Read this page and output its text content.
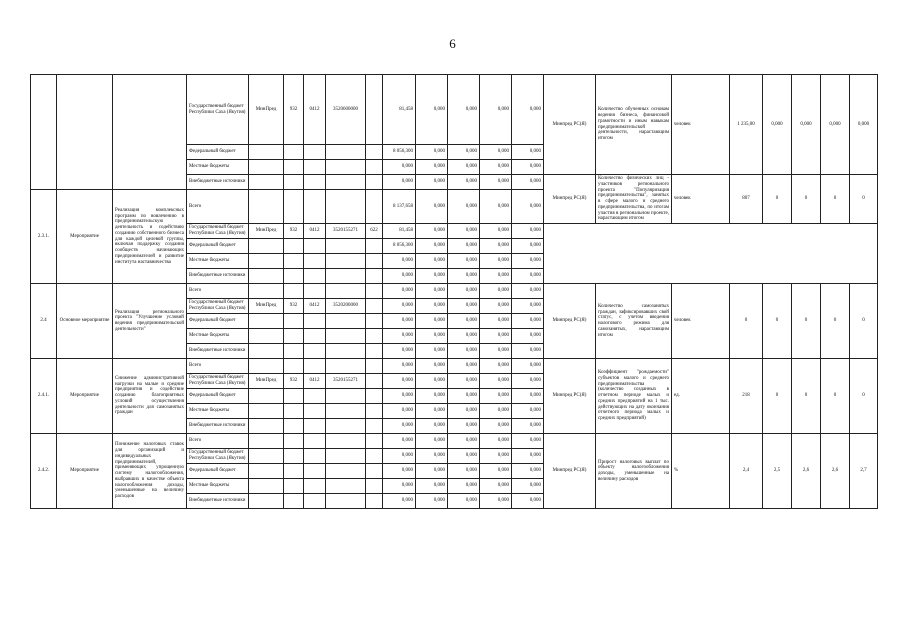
6
			Государственный бюджет Республики Саха (Якутия)	МинПред	932	0412	3520600000		81,458	0,000	0,000	0,000	0,000	Минпред РС(Я)	Количество обученных основам ведения бизнеса, финансовой грамотности и иным навыкам предпринимательской деятельности, нарастающим итогом	человек	1 235,00	0,000	0,000	0,000	0,000	
			Федеральный бюджет						8 056,300	0,000	0,000	0,000	0,000									
			Местные бюджеты						0,000	0,000	0,000	0,000	0,000									
			Внебюджетные источники						0,000	0,000	0,000	0,000	0,000	Минпред РС(Я)	Количество физических лиц - участников регионального проекта "Популяризация предпринимательства", занятых в сфере малого и среднего предпринимательства, по итогам участия в региональном проекте, нарастающим итогом	человек	807	0	0	0	0	
2.3.1.	Мероприятие	Реализация комплексных программ по вовлечению в предпринимательскую деятельность и содействию созданию собственного бизнеса для каждой целевой группы, включая поддержку создания сообществ начинающих предпринимателей и развитие института наставничества	Всего						8 137,658	0,000	0,000	0,000	0,000								
			Государственный бюджет Республики Саха (Якутия)	МинПред	932	0412	3520155271	622	81,458	0,000	0,000	0,000	0,000									
			Федеральный бюджет						8 056,300	0,000	0,000	0,000	0,000									
			Местные бюджеты						0,000	0,000	0,000	0,000	0,000									
			Внебюджетные источники						0,000	0,000	0,000	0,000	0,000									
2.4	Основное мероприятие	Реализация регионального проекта "Улучшение условий ведения предпринимательской деятельности"	Всего						0,000	0,000	0,000	0,000	0,000	Минпред РС(Я)	Количество самозанятых граждан, зафиксировавших свой статус, с учетом введения налогового режима для самозанятых, нарастающим итогом	человек	0	0	0	0	0	
			Государственный бюджет Республики Саха (Якутия)	МинПред	932	0412	3520200000		0,000	0,000	0,000	0,000	0,000									
			Федеральный бюджет						0,000	0,000	0,000	0,000	0,000									
			Местные бюджеты						0,000	0,000	0,000	0,000	0,000									
			Внебюджетные источники						0,000	0,000	0,000	0,000	0,000									
2.4.1.	Мероприятие	Снижение административной нагрузки на малые и средние предприятия и содействие созданию благоприятных условий осуществления деятельности для самозанятых граждан	Всего						0,000	0,000	0,000	0,000	0,000	Минпред РС(Я)	Коэффициент "рождаемости" субъектов малого и среднего предпринимательства (количество созданных в отчетном периоде малых и средних предприятий на 1 тыс. действующих на дату окончания отчетного периода малых и средних предприятий)	ед.	218	0	0	0	0	
			Государственный бюджет Республики Саха (Якутия)	МинПред	932	0412	3520155271		0,000	0,000	0,000	0,000	0,000									
			Федеральный бюджет						0,000	0,000	0,000	0,000	0,000									
			Местные бюджеты						0,000	0,000	0,000	0,000	0,000									
			Внебюджетные источники						0,000	0,000	0,000	0,000	0,000									
2.4.2.	Мероприятие	Понижение налоговых ставок для организаций и индивидуальных предпринимателей, применяющих упрощенную систему налогообложения, выбравших в качестве объекта налогообложения доходы, уменьшенные на величину расходов	Всего						0,000	0,000	0,000	0,000	0,000	Минпред РС(Я)	Прирост налоговых выплат по объекту налогообложения доходы, уменьшенные на величину расходов	%	2,4	2,5	2,6	2,6	2,7	
			Государственный бюджет Республики Саха (Якутия)						0,000	0,000	0,000	0,000	0,000									
			Федеральный бюджет						0,000	0,000	0,000	0,000	0,000									
			Местные бюджеты						0,000	0,000	0,000	0,000	0,000									
			Внебюджетные источники						0,000	0,000	0,000	0,000	0,000									
